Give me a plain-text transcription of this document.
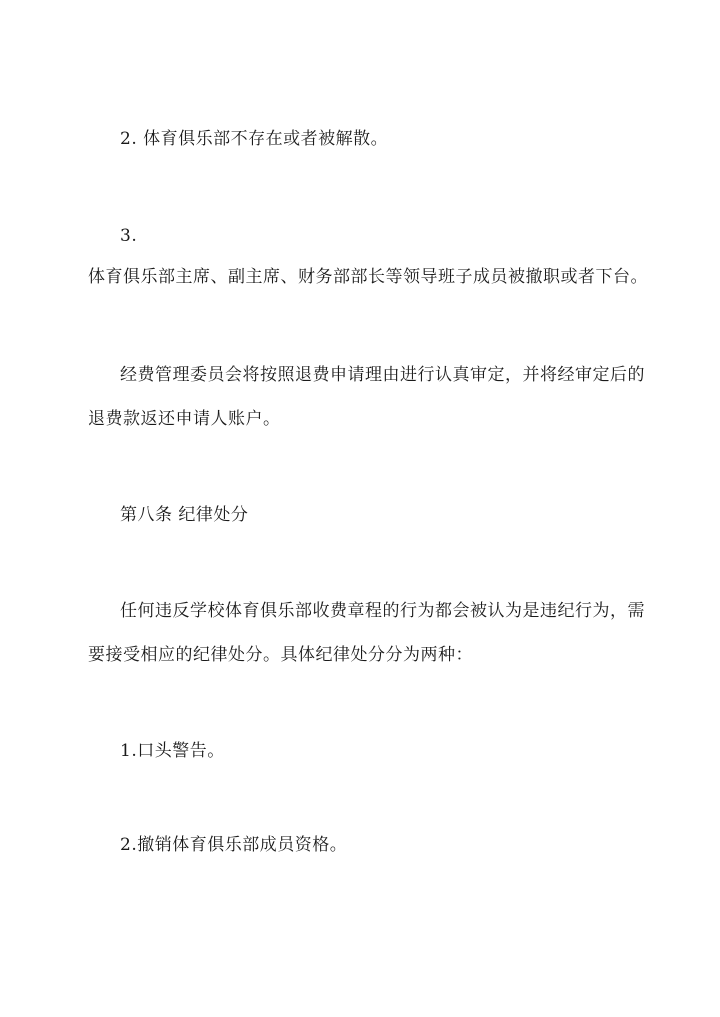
2. 体育俱乐部不存在或者被解散。
3.
体育俱乐部主席、副主席、财务部部长等领导班子成员被撤职或者下台。
经费管理委员会将按照退费申请理由进行认真审定，并将经审定后的
退费款返还申请人账户。
第八条 纪律处分
任何违反学校体育俱乐部收费章程的行为都会被认为是违纪行为，需
要接受相应的纪律处分。具体纪律处分分为两种：
1.口头警告。
2.撤销体育俱乐部成员资格。
